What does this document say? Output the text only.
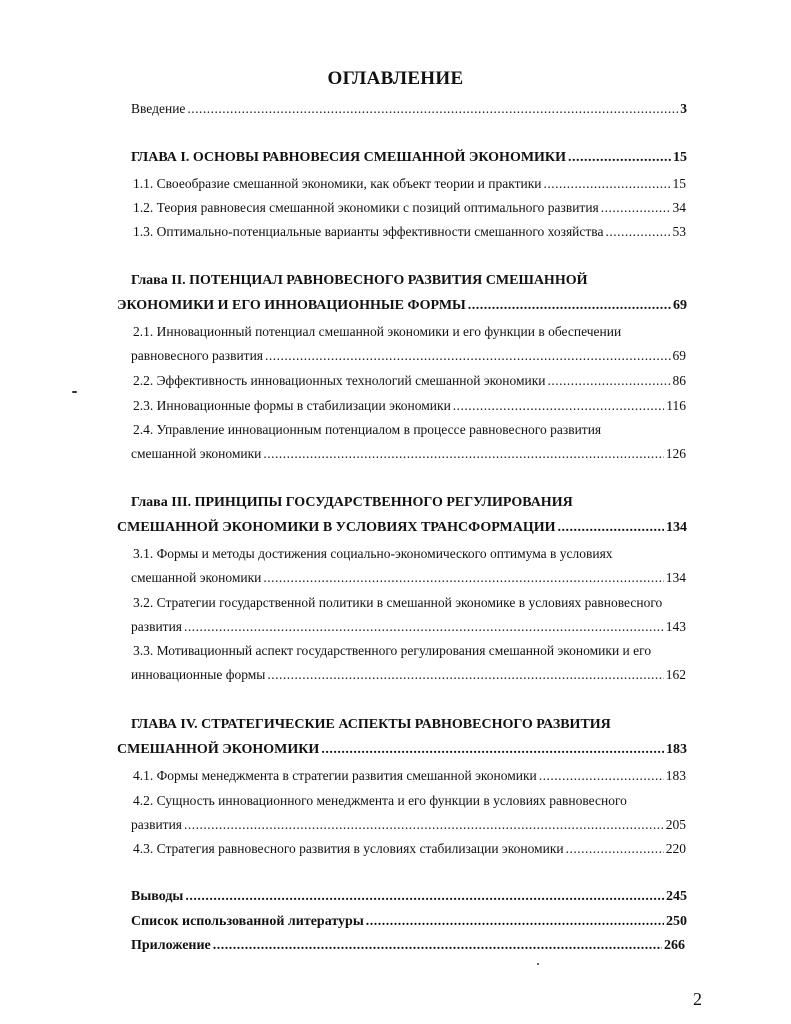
ОГЛАВЛЕНИЕ
Введение .....	3
ГЛАВА I. ОСНОВЫ РАВНОВЕСИЯ СМЕШАННОЙ ЭКОНОМИКИ .....	15
1.1. Своеобразие смешанной экономики, как объект теории и практики .....	15
1.2. Теория равновесия смешанной экономики с позиций оптимального развития .....	34
1.3. Оптимально-потенциальные варианты эффективности смешанного хозяйства .....	53
Глава II. ПОТЕНЦИАЛ РАВНОВЕСНОГО РАЗВИТИЯ СМЕШАННОЙ
ЭКОНОМИКИ И ЕГО ИННОВАЦИОННЫЕ ФОРМЫ .....	69
2.1. Инновационный потенциал смешанной экономики и его функции в обеспечении
равновесного развития .....	69
2.2. Эффективность инновационных технологий смешанной экономики .....	86
2.3. Инновационные формы в стабилизации экономики .....	116
2.4. Управление инновационным потенциалом в процессе равновесного развития
смешанной экономики .....	126
Глава III. ПРИНЦИПЫ ГОСУДАРСТВЕННОГО РЕГУЛИРОВАНИЯ
СМЕШАННОЙ ЭКОНОМИКИ В УСЛОВИЯХ ТРАНСФОРМАЦИИ .....	134
3.1. Формы и методы достижения социально-экономического оптимума в условиях
смешанной экономики .....	134
3.2. Стратегии государственной политики в смешанной экономике в условиях равновесного
развития .....	143
3.3. Мотивационный аспект государственного регулирования смешанной экономики и его
инновационные формы .....	162
ГЛАВА IV. СТРАТЕГИЧЕСКИЕ АСПЕКТЫ РАВНОВЕСНОГО РАЗВИТИЯ
СМЕШАННОЙ ЭКОНОМИКИ .....	183
4.1. Формы менеджмента в стратегии развития смешанной экономики .....	183
4.2. Сущность инновационного менеджмента и его функции в условиях равновесного
развития .....	205
4.3. Стратегия равновесного развития в условиях стабилизации экономики .....	220
Выводы .....	245
Список использованной литературы .....	250
Приложение .....	266
2
